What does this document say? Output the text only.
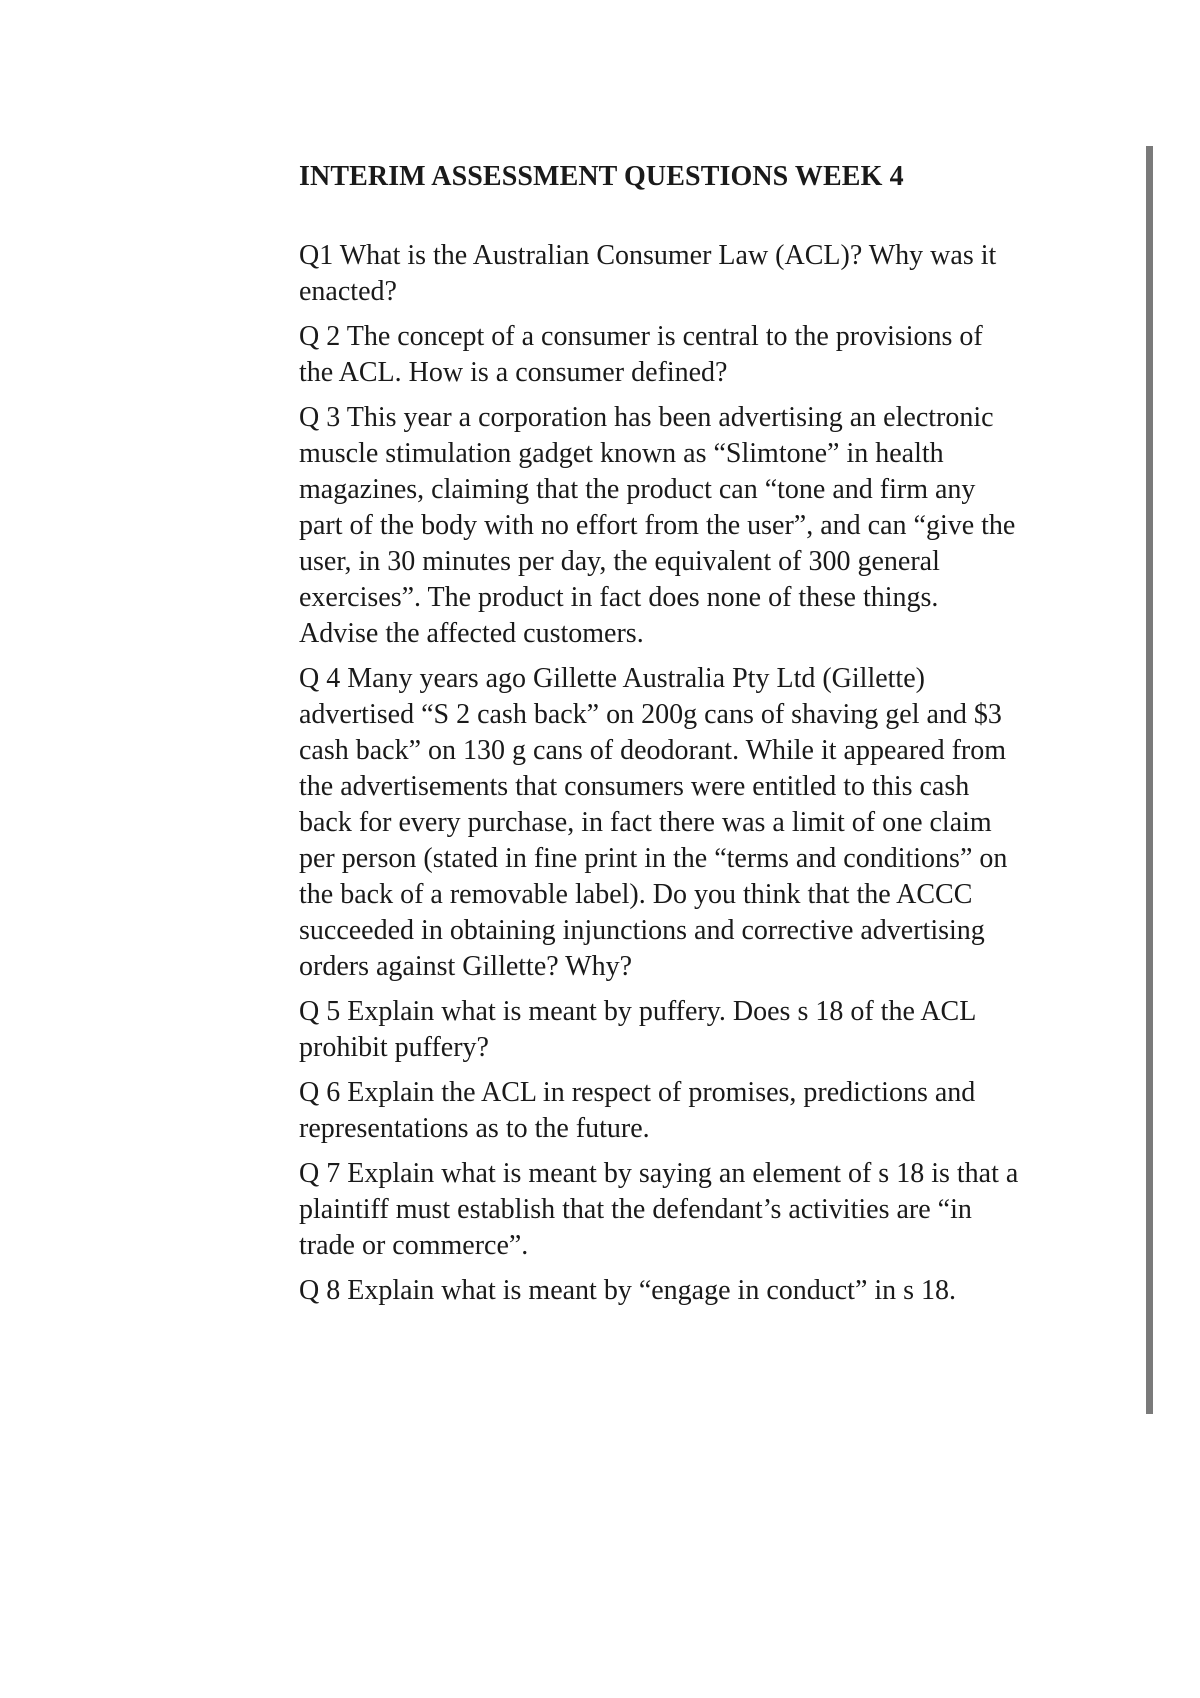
INTERIM ASSESSMENT QUESTIONS WEEK 4

Q1 What is the Australian Consumer Law (ACL)? Why was it enacted?

Q 2 The concept of a consumer is central to the provisions of the ACL. How is a consumer defined?

Q 3 This year a corporation has been advertising an electronic muscle stimulation gadget known as “Slimtone” in health magazines, claiming that the product can “tone and firm any part of the body with no effort from the user”, and can “give the user, in 30 minutes per day, the equivalent of 300 general exercises”. The product in fact does none of these things. Advise the affected customers.

Q 4 Many years ago Gillette Australia Pty Ltd (Gillette) advertised “S 2 cash back” on 200g cans of shaving gel and $3 cash back” on 130 g cans of deodorant. While it appeared from the advertisements that consumers were entitled to this cash back for every purchase, in fact there was a limit of one claim per person (stated in fine print in the “terms and conditions” on the back of a removable label). Do you think that the ACCC succeeded in obtaining injunctions and corrective advertising orders against Gillette? Why?

Q 5 Explain what is meant by puffery. Does s 18 of the ACL prohibit puffery?

Q 6 Explain the ACL in respect of promises, predictions and representations as to the future.

Q 7 Explain what is meant by saying an element of s 18 is that a plaintiff must establish that the defendant’s activities are “in trade or commerce”.

Q 8 Explain what is meant by “engage in conduct” in s 18.
